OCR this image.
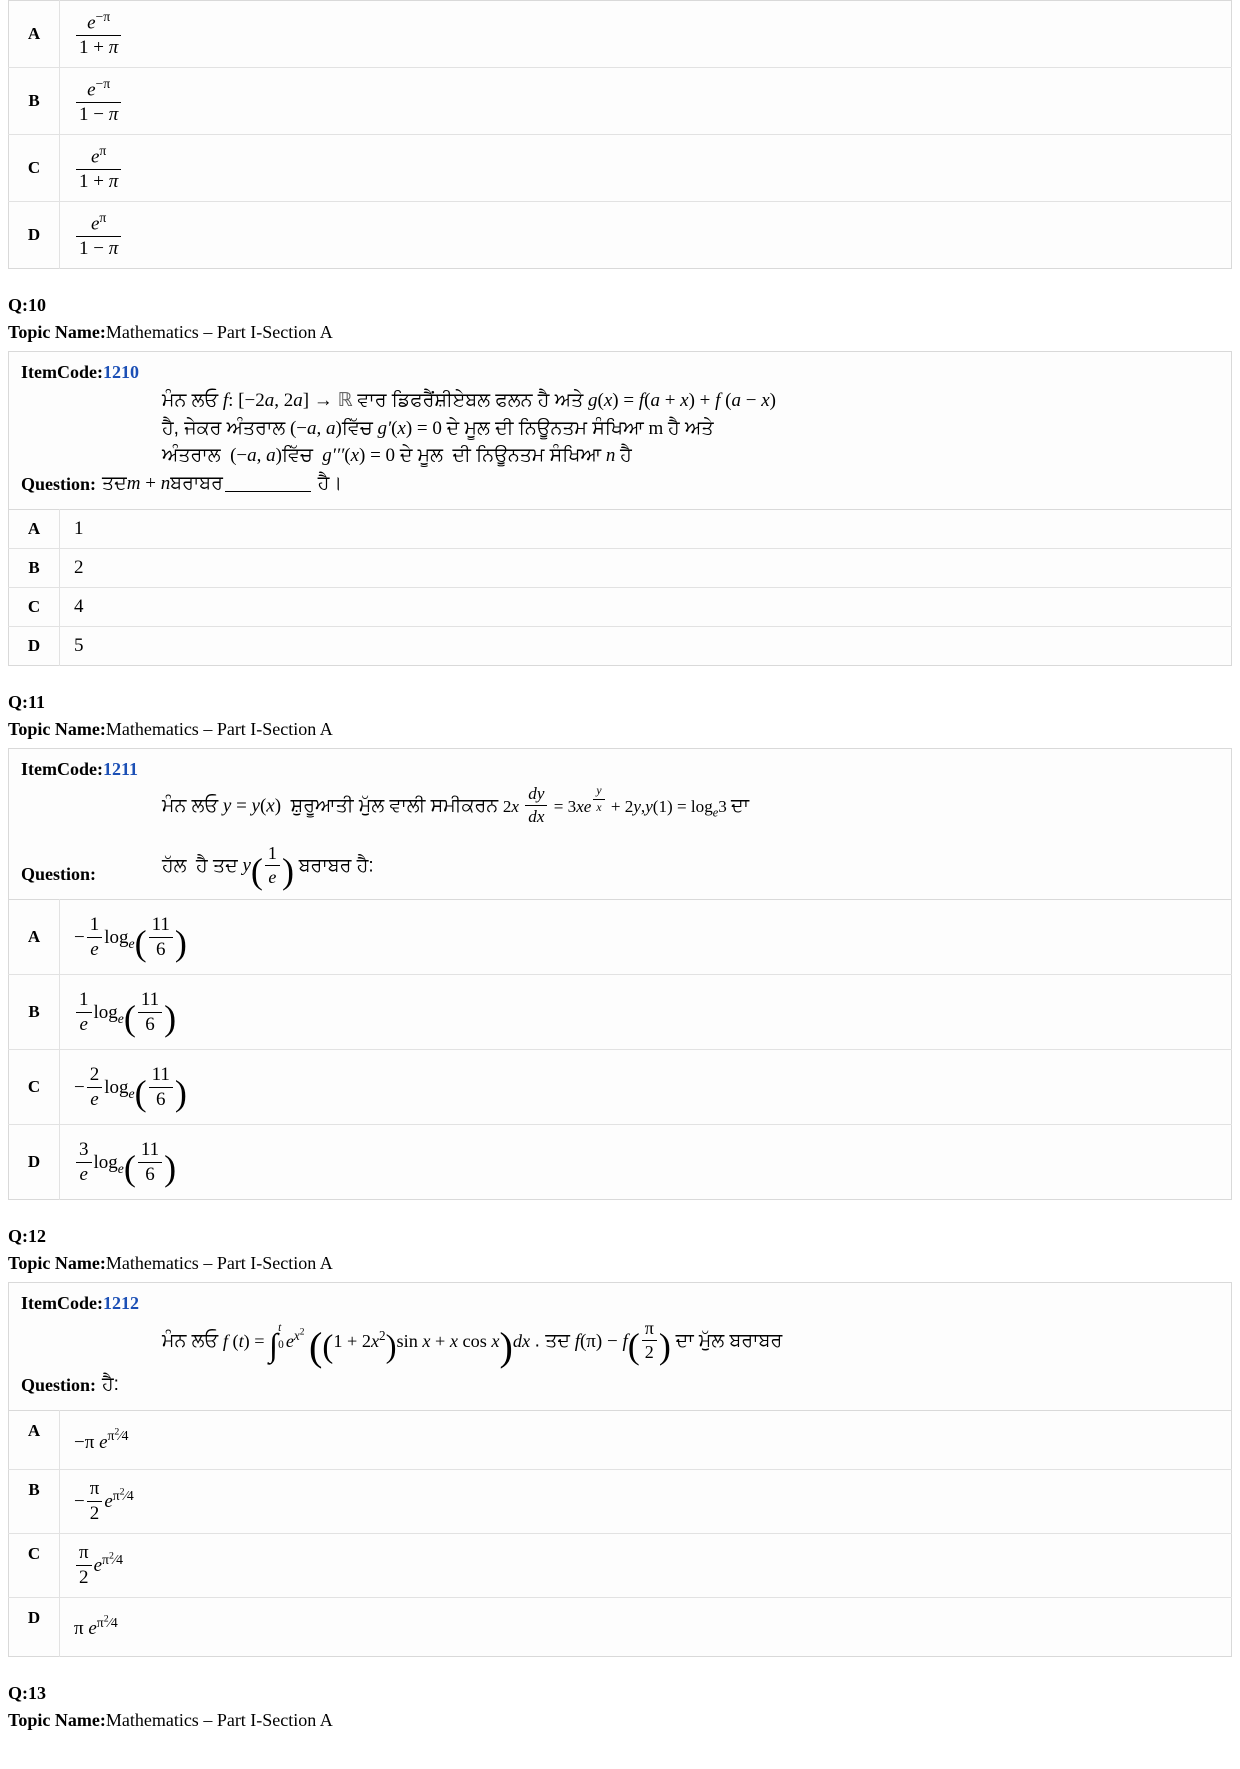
A	$\frac{e^{-\pi}}{1 + \pi}$

B	$\frac{e^{-\pi}}{1 - \pi}$

C	$\frac{e^\pi}{1 + \pi}$

D	$\frac{e^\pi}{1 - \pi}$
Q:10
Topic Name:Mathematics – Part I-Section A
ItemCode:1210
Question:
ਮੰਨ ਲਓ f: [−2a, 2a] → ℝ ਵਾਰ ਡਿਫਰੈਂਸ਼ੀਏਬਲ ਫਲਨ ਹੈ ਅਤੇ g(x) = f(a + x) + f (a − x)
ਹੈ, ਜੇਕਰ ਅੰਤਰਾਲ (−a, a)ਵਿੱਚ g′(x) = 0 ਦੇ ਮੂਲ ਦੀ ਨਿਊਨਤਮ ਸੰਖਿਆ m ਹੈ ਅਤੇ
ਅੰਤਰਾਲ (−a, a)ਵਿੱਚ g′′′(x) = 0 ਦੇ ਮੂਲ ਦੀ ਨਿਊਨਤਮ ਸੰਖਿਆ n ਹੈ
ਤਦm + nਬਰਾਬਰ	ਹੈ।
A	1
B	2
C	4
D	5
Q:11
Topic Name:Mathematics – Part I-Section A
ItemCode:1211
Question:
ਮੰਨ ਲਓ y = y(x) ਸ਼ੁਰੂਆਤੀ ਮੁੱਲ ਵਾਲੀ ਸਮੀਕਰਨ $2x \frac{dy}{dx} = 3xe$ $^{\frac{y}{x}} + 2y,y(1) = \log_e3$ ਦਾ
ਹੱਲ ਹੈ ਤਦ $y( \frac{1}{e}$ ) ਬਰਾਬਰ ਹੈ:
A	− $\frac{1}{e} \log_e( \frac{11}{6}$ )
B	$\frac{1}{e} \log_e( \frac{11}{6}$ )
C	− $\frac{2}{e} \log_e( \frac{11}{6}$ )
D	$\frac{3}{e} \log_e( \frac{11}{6}$ )
Q:12
Topic Name:Mathematics – Part I-Section A
ItemCode:1212
Question:
ਮੰਨ ਲਓ f (t) = ∫$^t$
0 $e^{x^2}$ ($(1 + 2x^2)\sin$ x + x cos x)dx . ਤਦ $f(\pi) - f( \frac{\pi}{2}$ ) ਦਾ ਮੁੱਲ ਬਰਾਬਰ
ਹੈ:
A	−π $e^{\pi^2⁄4}$
B	− $\frac{\pi}{2} e^{\pi^2⁄4}$
C	$\frac{\pi}{2} e^{\pi^2⁄4}$
D	π $e^{\pi^2⁄4}$
Q:13
Topic Name:Mathematics – Part I-Section A
